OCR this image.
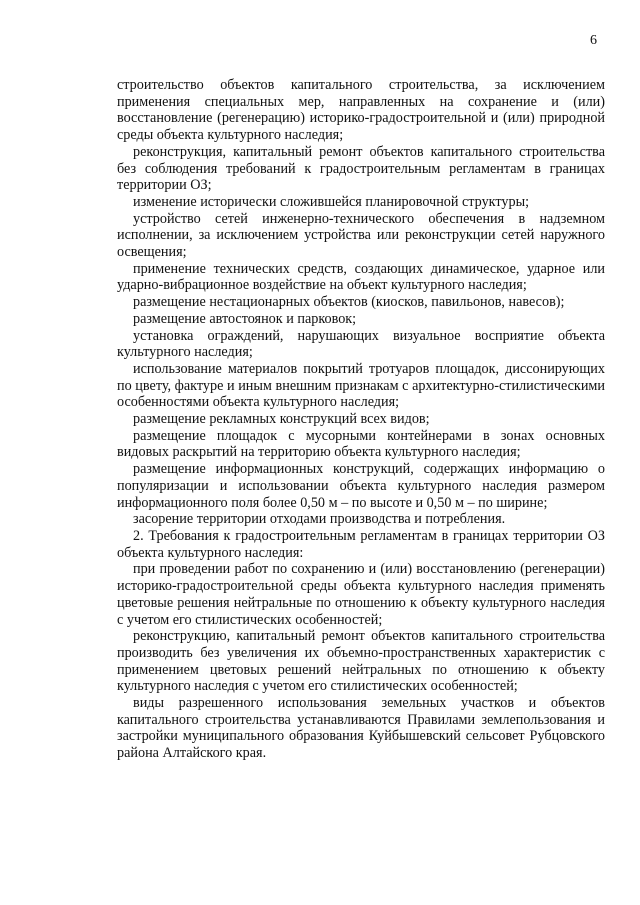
6

строительство объектов капитального строительства, за исключением применения специальных мер, направленных на сохранение и (или) восстановление (регенерацию) историко-градостроительной и (или) природной среды объекта культурного наследия;

реконструкция, капитальный ремонт объектов капитального строительства без соблюдения требований к градостроительным регламентам в границах территории ОЗ;

изменение исторически сложившейся планировочной структуры;

устройство сетей инженерно-технического обеспечения в надземном исполнении, за исключением устройства или реконструкции сетей наружного освещения;

применение технических средств, создающих динамическое, ударное или ударно-вибрационное воздействие на объект культурного наследия;

размещение нестационарных объектов (киосков, павильонов, навесов);

размещение автостоянок и парковок;

установка ограждений, нарушающих визуальное восприятие объекта культурного наследия;

использование материалов покрытий тротуаров площадок, диссонирующих по цвету, фактуре и иным внешним признакам с архитектурно-стилистическими особенностями объекта культурного наследия;

размещение рекламных конструкций всех видов;

размещение площадок с мусорными контейнерами в зонах основных видовых раскрытий на территорию объекта культурного наследия;

размещение информационных конструкций, содержащих информацию о популяризации и использовании объекта культурного наследия размером информационного поля более 0,50 м – по высоте и 0,50 м – по ширине;

засорение территории отходами производства и потребления.

2. Требования к градостроительным регламентам в границах территории ОЗ объекта культурного наследия:

при проведении работ по сохранению и (или) восстановлению (регенерации) историко-градостроительной среды объекта культурного наследия применять цветовые решения нейтральные по отношению к объекту культурного наследия с учетом его стилистических особенностей;

реконструкцию, капитальный ремонт объектов капитального строительства производить без увеличения их объемно-пространственных характеристик с применением цветовых решений нейтральных по отношению к объекту культурного наследия с учетом его стилистических особенностей;

виды разрешенного использования земельных участков и объектов капитального строительства устанавливаются Правилами землепользования и застройки муниципального образования Куйбышевский сельсовет Рубцовского района Алтайского края.
